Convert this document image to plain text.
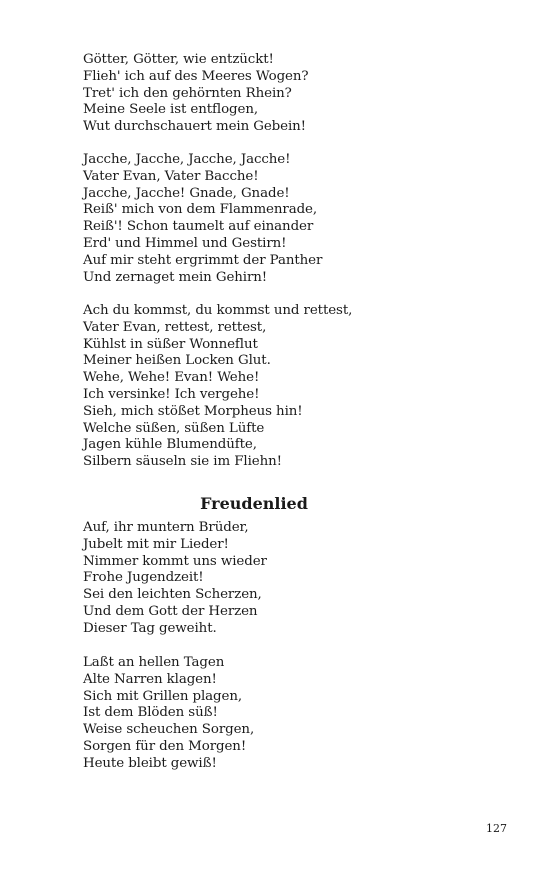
Götter, Götter, wie entzückt!
Flieh' ich auf des Meeres Wogen?
Tret' ich den gehörnten Rhein?
Meine Seele ist entflogen,
Wut durchschauert mein Gebein!
Jacche, Jacche, Jacche, Jacche!
Vater Evan, Vater Bacche!
Jacche, Jacche! Gnade, Gnade!
Reiß' mich von dem Flammenrade,
Reiß'! Schon taumelt auf einander
Erd' und Himmel und Gestirn!
Auf mir steht ergrimmt der Panther
Und zernaget mein Gehirn!
Ach du kommst, du kommst und rettest,
Vater Evan, rettest, rettest,
Kühlst in süßer Wonneflut
Meiner heißen Locken Glut.
Wehe, Wehe! Evan! Wehe!
Ich versinke! Ich vergehe!
Sieh, mich stößet Morpheus hin!
Welche süßen, süßen Lüfte
Jagen kühle Blumendüfte,
Silbern säuseln sie im Fliehn!
Freudenlied
Auf, ihr muntern Brüder,
Jubelt mit mir Lieder!
Nimmer kommt uns wieder
Frohe Jugendzeit!
Sei den leichten Scherzen,
Und dem Gott der Herzen
Dieser Tag geweiht.
Laßt an hellen Tagen
Alte Narren klagen!
Sich mit Grillen plagen,
Ist dem Blöden süß!
Weise scheuchen Sorgen,
Sorgen für den Morgen!
Heute bleibt gewiß!
127
